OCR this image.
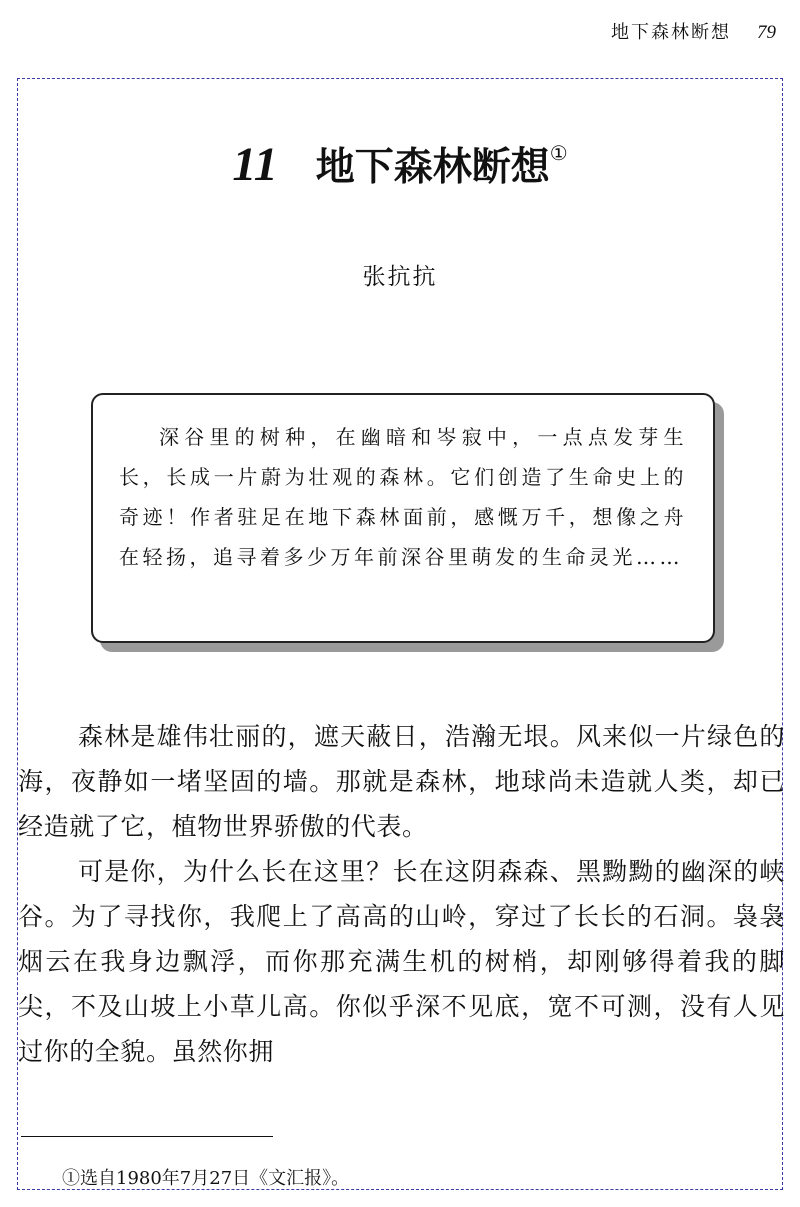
地下森林断想 79
11 地下森林断想①
张抗抗

深谷里的树种，在幽暗和岑寂中，一点点发芽生长，长成一片蔚为壮观的森林。它们创造了生命史上的奇迹！作者驻足在地下森林面前，感慨万千，想像之舟在轻扬，追寻着多少万年前深谷里萌发的生命灵光……

森林是雄伟壮丽的，遮天蔽日，浩瀚无垠。风来似一片绿色的海，夜静如一堵坚固的墙。那就是森林，地球尚未造就人类，却已经造就了它，植物世界骄傲的代表。

可是你，为什么长在这里？长在这阴森森、黑黝黝的幽深的峡谷。为了寻找你，我爬上了高高的山岭，穿过了长长的石洞。袅袅烟云在我身边飘浮，而你那充满生机的树梢，却刚够得着我的脚尖，不及山坡上小草儿高。你似乎深不见底，宽不可测，没有人见过你的全貌。虽然你拥

①选自1980年7月27日《文汇报》。
